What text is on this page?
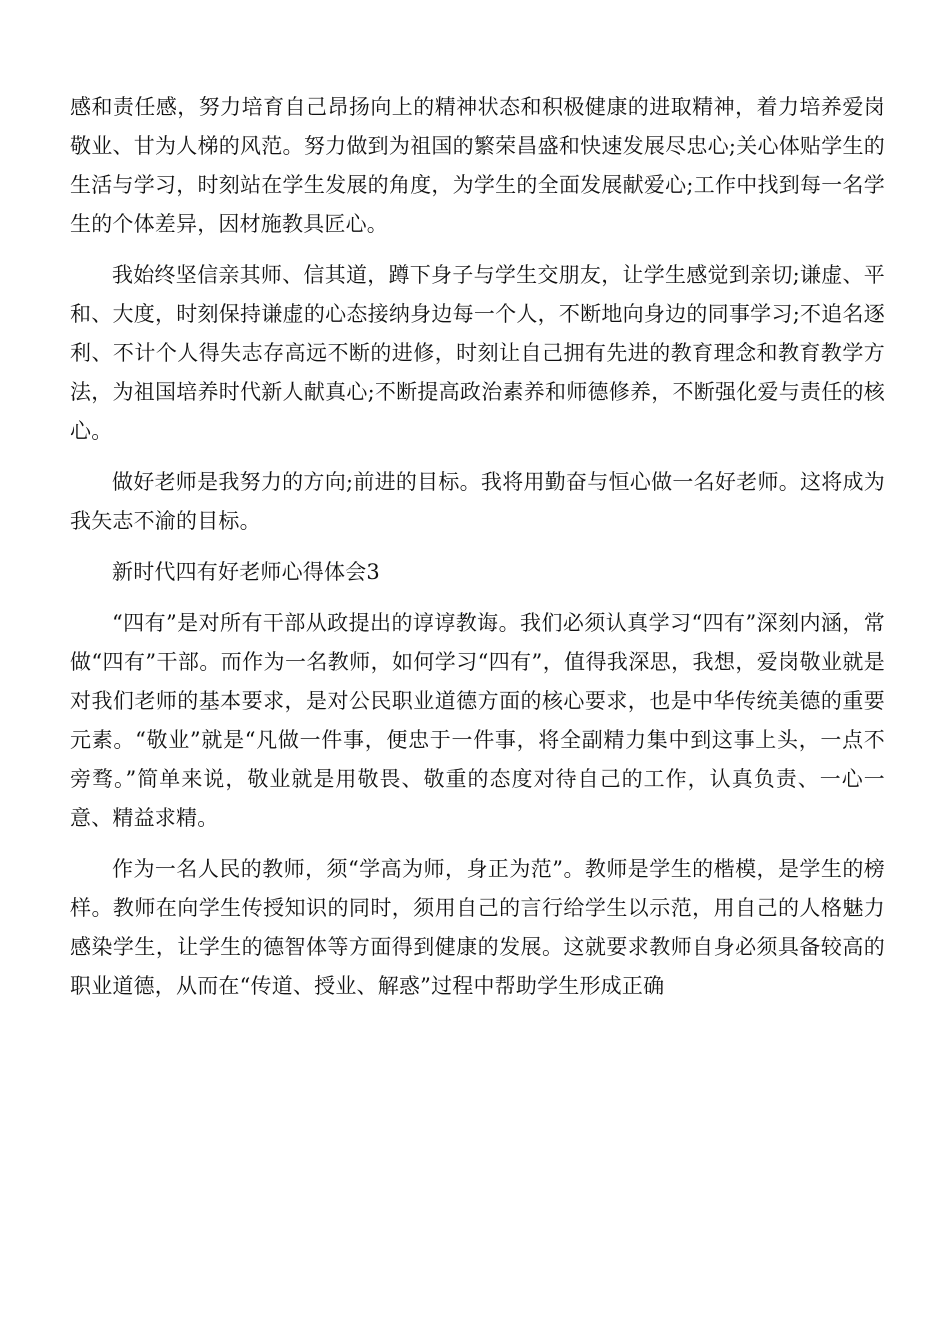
感和责任感，努力培育自己昂扬向上的精神状态和积极健康的进取精神，着力培养爱岗敬业、甘为人梯的风范。努力做到为祖国的繁荣昌盛和快速发展尽忠心;关心体贴学生的生活与学习，时刻站在学生发展的角度，为学生的全面发展献爱心;工作中找到每一名学生的个体差异，因材施教具匠心。

我始终坚信亲其师、信其道，蹲下身子与学生交朋友，让学生感觉到亲切;谦虚、平和、大度，时刻保持谦虚的心态接纳身边每一个人，不断地向身边的同事学习;不追名逐利、不计个人得失志存高远不断的进修，时刻让自己拥有先进的教育理念和教育教学方法，为祖国培养时代新人献真心;不断提高政治素养和师德修养，不断强化爱与责任的核心。

做好老师是我努力的方向;前进的目标。我将用勤奋与恒心做一名好老师。这将成为我矢志不渝的目标。

新时代四有好老师心得体会3

“四有”是对所有干部从政提出的谆谆教诲。我们必须认真学习“四有”深刻内涵，常做“四有”干部。而作为一名教师，如何学习“四有”，值得我深思，我想，爱岗敬业就是对我们老师的基本要求，是对公民职业道德方面的核心要求，也是中华传统美德的重要元素。“敬业”就是“凡做一件事，便忠于一件事，将全副精力集中到这事上头，一点不旁骛。”简单来说，敬业就是用敬畏、敬重的态度对待自己的工作，认真负责、一心一意、精益求精。

作为一名人民的教师，须“学高为师，身正为范”。教师是学生的楷模，是学生的榜样。教师在向学生传授知识的同时，须用自己的言行给学生以示范，用自己的人格魅力感染学生，让学生的德智体等方面得到健康的发展。这就要求教师自身必须具备较高的职业道德，从而在“传道、授业、解惑”过程中帮助学生形成正确
